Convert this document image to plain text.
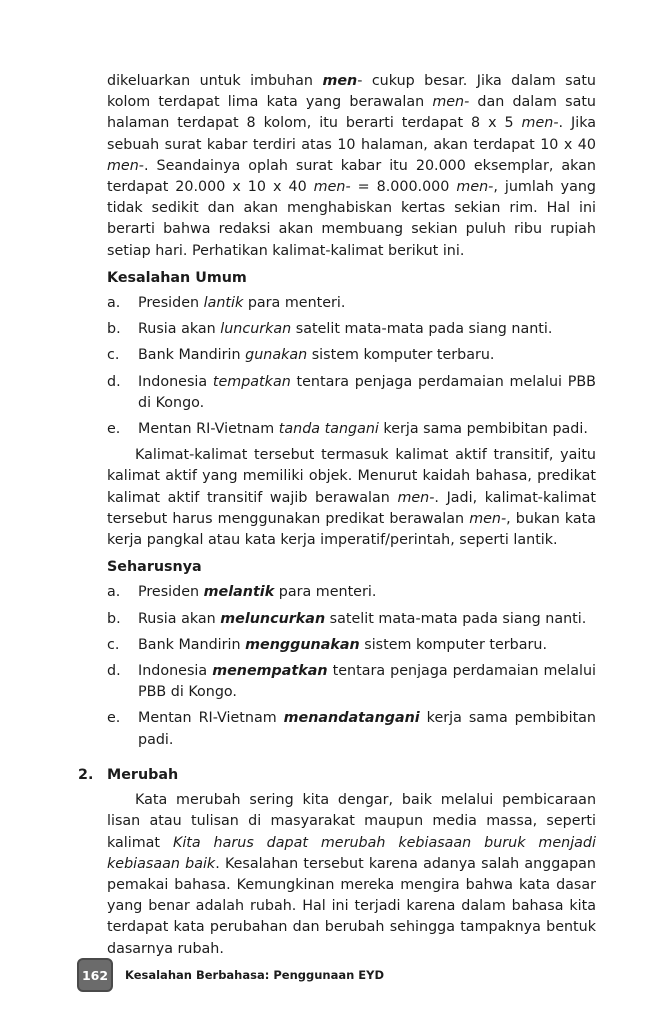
dikeluarkan untuk imbuhan men- cukup besar. Jika dalam satu kolom terdapat lima kata yang berawalan men- dan dalam satu halaman terdapat 8 kolom, itu berarti terdapat 8 x 5 men-. Jika sebuah surat kabar terdiri atas 10 halaman, akan terdapat 10 x 40 men-. Seandainya oplah surat kabar itu 20.000 eksemplar, akan terdapat 20.000 x 10 x 40 men- = 8.000.000 men-, jumlah yang tidak sedikit dan akan menghabiskan kertas sekian rim. Hal ini berarti bahwa redaksi akan membuang sekian puluh ribu rupiah setiap hari. Perhatikan kalimat-kalimat berikut ini.

Kesalahan Umum

a. Presiden lantik para menteri.
b. Rusia akan luncurkan satelit mata-mata pada siang nanti.
c. Bank Mandirin gunakan sistem komputer terbaru.
d. Indonesia tempatkan tentara penjaga perdamaian melalui PBB di Kongo.
e. Mentan RI-Vietnam tanda tangani kerja sama pembibitan padi.

Kalimat-kalimat tersebut termasuk kalimat aktif transitif, yaitu kalimat aktif yang memiliki objek. Menurut kaidah bahasa, predikat kalimat aktif transitif wajib berawalan men-. Jadi, kalimat-kalimat tersebut harus menggunakan predikat berawalan men-, bukan kata kerja pangkal atau kata kerja imperatif/perintah, seperti lantik.

Seharusnya

a. Presiden melantik para menteri.
b. Rusia akan meluncurkan satelit mata-mata pada siang nanti.
c. Bank Mandirin menggunakan sistem komputer terbaru.
d. Indonesia menempatkan tentara penjaga perdamaian melalui PBB di Kongo.
e. Mentan RI-Vietnam menandatangani kerja sama pembibitan padi.

2. Merubah

Kata merubah sering kita dengar, baik melalui pembicaraan lisan atau tulisan di masyarakat maupun media massa, seperti kalimat Kita harus dapat merubah kebiasaan buruk menjadi kebiasaan baik. Kesalahan tersebut karena adanya salah anggapan pemakai bahasa. Kemungkinan mereka mengira bahwa kata dasar yang benar adalah rubah. Hal ini terjadi karena dalam bahasa kita terdapat kata perubahan dan berubah sehingga tampaknya bentuk dasarnya rubah.

162	Kesalahan Berbahasa: Penggunaan EYD
